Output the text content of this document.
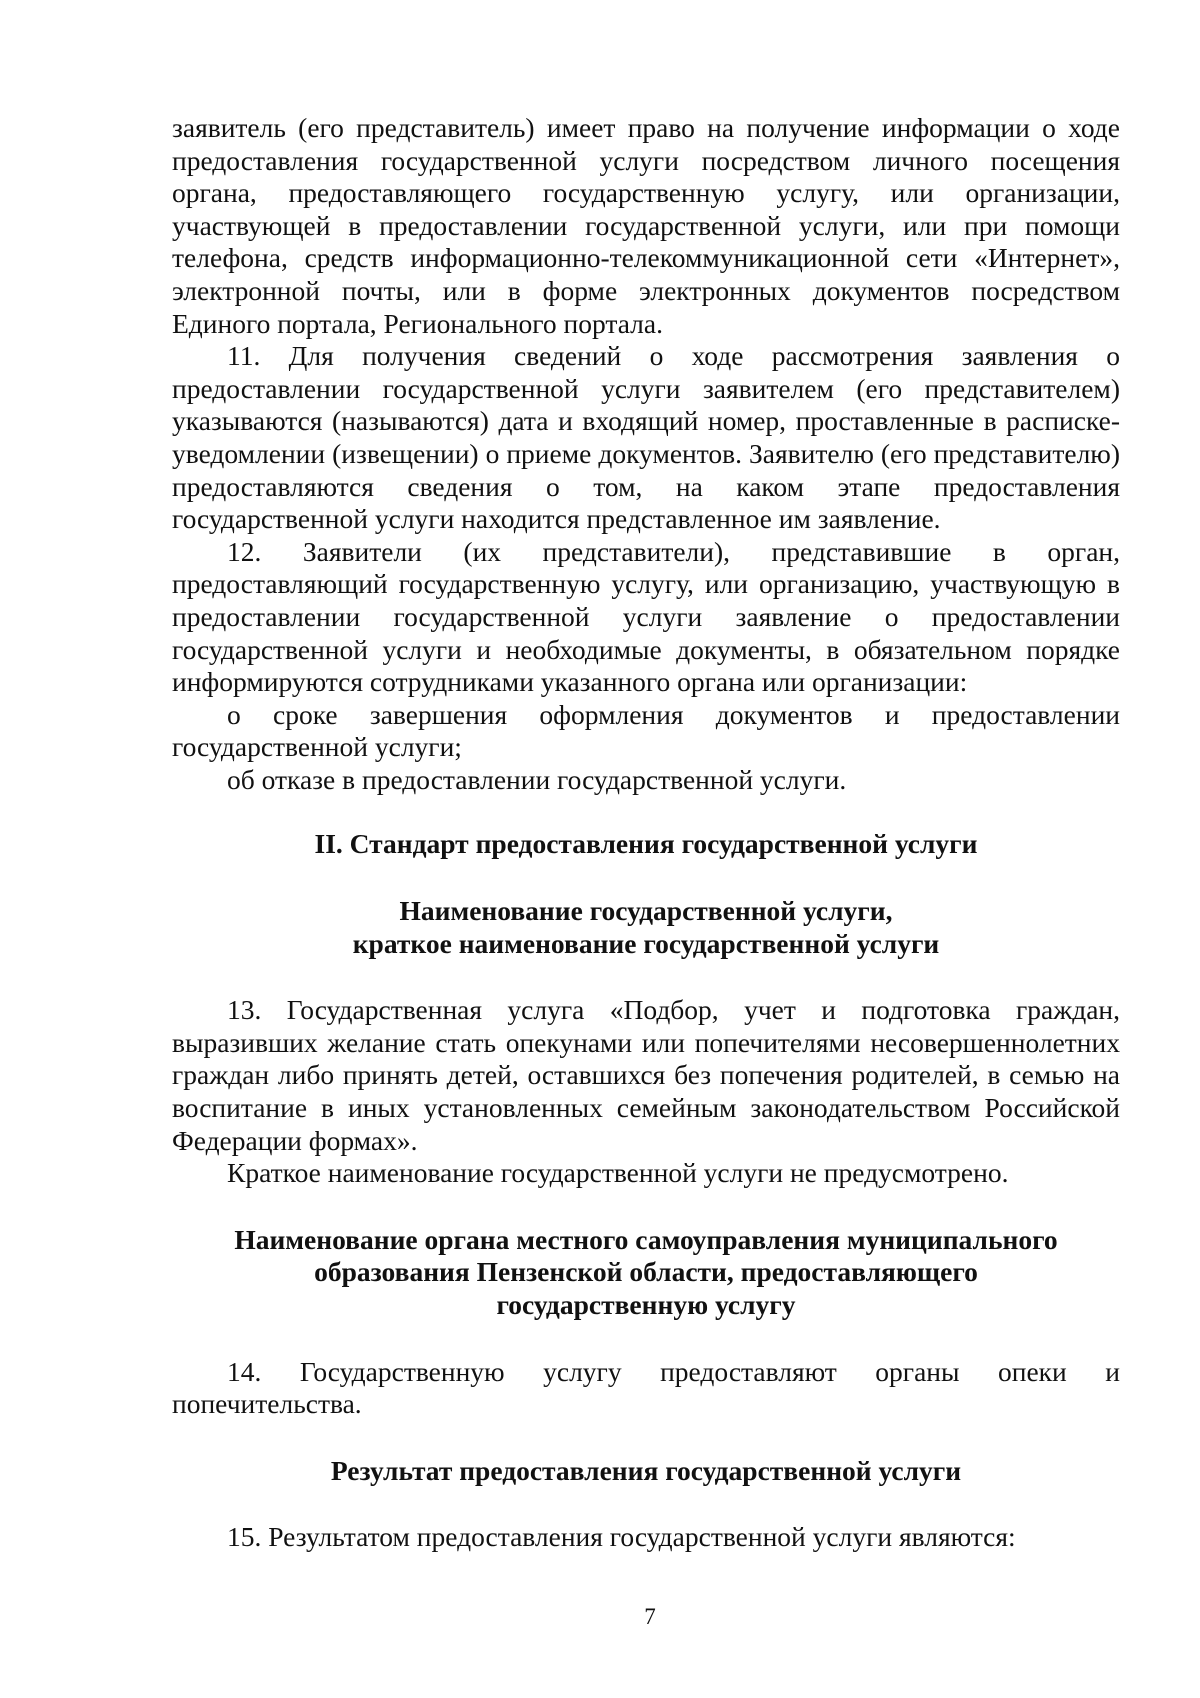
заявитель (его представитель) имеет право на получение информации о ходе предоставления государственной услуги посредством личного посещения органа, предоставляющего государственную услугу, или организации, участвующей в предоставлении государственной услуги, или при помощи телефона, средств информационно-телекоммуникационной сети «Интернет», электронной почты, или в форме электронных документов посредством Единого портала, Регионального портала.

11. Для получения сведений о ходе рассмотрения заявления о предоставлении государственной услуги заявителем (его представителем) указываются (называются) дата и входящий номер, проставленные в расписке-уведомлении (извещении) о приеме документов. Заявителю (его представителю) предоставляются сведения о том, на каком этапе предоставления государственной услуги находится представленное им заявление.

12. Заявители (их представители), представившие в орган, предоставляющий государственную услугу, или организацию, участвующую в предоставлении государственной услуги заявление о предоставлении государственной услуги и необходимые документы, в обязательном порядке информируются сотрудниками указанного органа или организации:

о сроке завершения оформления документов и предоставлении государственной услуги;

об отказе в предоставлении государственной услуги.

II. Стандарт предоставления государственной услуги
Наименование государственной услуги,
краткое наименование государственной услуги

13. Государственная услуга «Подбор, учет и подготовка граждан, выразивших желание стать опекунами или попечителями несовершеннолетних граждан либо принять детей, оставшихся без попечения родителей, в семью на воспитание в иных установленных семейным законодательством Российской Федерации формах».

Краткое наименование государственной услуги не предусмотрено.

Наименование органа местного самоуправления муниципального
образования Пензенской области, предоставляющего
государственную услугу

14. Государственную услугу предоставляют органы опеки и попечительства.

Результат предоставления государственной услуги

15. Результатом предоставления государственной услуги являются:

7
